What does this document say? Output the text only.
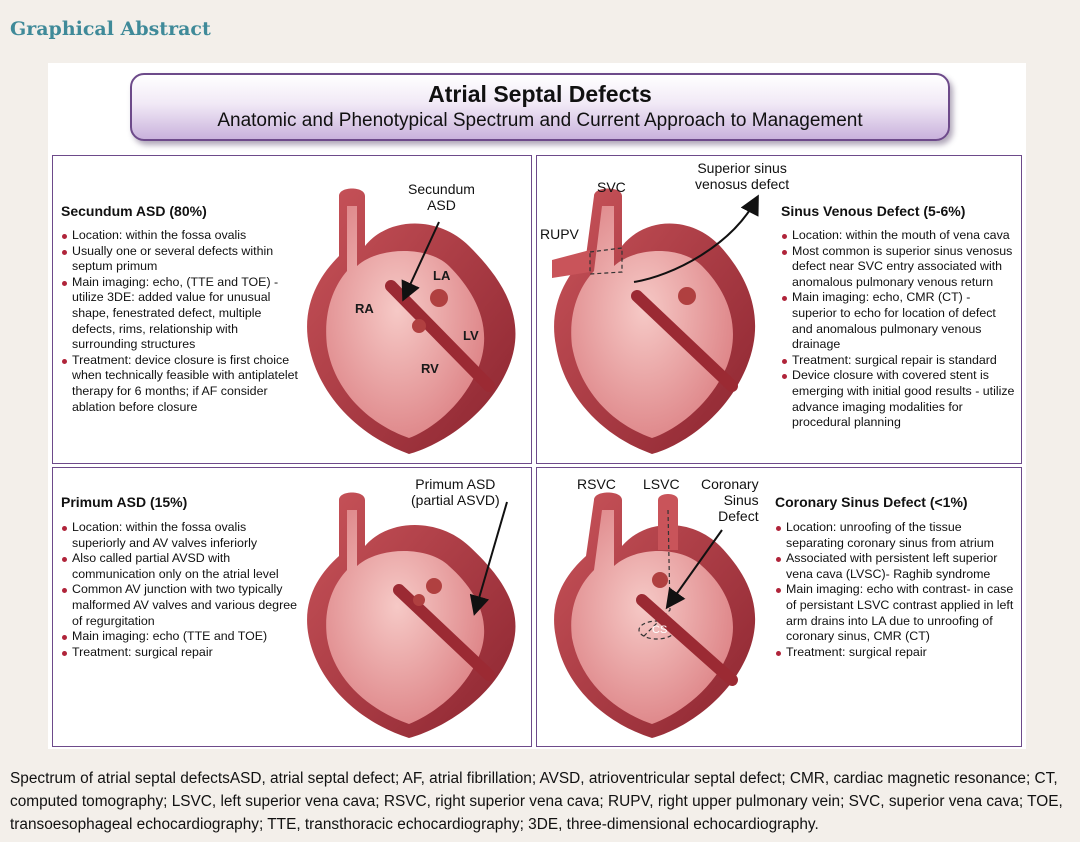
Graphical Abstract
Atrial Septal Defects
Anatomic and Phenotypical Spectrum and Current Approach to Management
Secundum ASD (80%)
Location: within the fossa ovalis
Usually one or several defects within septum primum
Main imaging: echo, (TTE and TOE) - utilize 3DE: added value for unusual shape, fenestrated defect, multiple defects, rims, relationship with surrounding structures
Treatment: device closure is first choice when technically feasible with antiplatelet therapy for 6 months; if AF consider ablation before closure
Secundum
ASD
RA
LA
LV
RV
SVC
RUPV
Superior sinus
venosus defect
Sinus Venous Defect (5-6%)
Location: within the mouth of vena cava
Most common is superior sinus venosus defect near SVC entry associated with anomalous pulmonary venous return
Main imaging: echo, CMR (CT) - superior to echo for location of defect and anomalous pulmonary venous drainage
Treatment: surgical repair is standard
Device closure with covered stent is emerging with initial good results - utilize advance imaging modalities for procedural planning
Primum ASD (15%)
Location: within the fossa ovalis superiorly and AV valves inferiorly
Also called partial AVSD with communication only on the atrial level
Common AV junction with two typically malformed AV valves and various degree of regurgitation
Main imaging: echo (TTE and TOE)
Treatment: surgical repair
Primum ASD
(partial ASVD)
RSVC LSVC Coronary
Sinus
Defect
CS
Coronary Sinus Defect (<1%)
Location: unroofing of the tissue separating coronary sinus from atrium
Associated with persistent left superior vena cava (LVSC)- Raghib syndrome
Main imaging: echo with contrast- in case of persistant LSVC contrast applied in left arm drains into LA due to unroofing of coronary sinus, CMR (CT)
Treatment: surgical repair
Spectrum of atrial septal defectsASD, atrial septal defect; AF, atrial fibrillation; AVSD, atrioventricular septal defect; CMR, cardiac magnetic resonance; CT, computed tomography; LSVC, left superior vena cava; RSVC, right superior vena cava; RUPV, right upper pulmonary vein; SVC, superior vena cava; TOE, transoesophageal echocardiography; TTE, transthoracic echocardiography; 3DE, three-dimensional echocardiography.
